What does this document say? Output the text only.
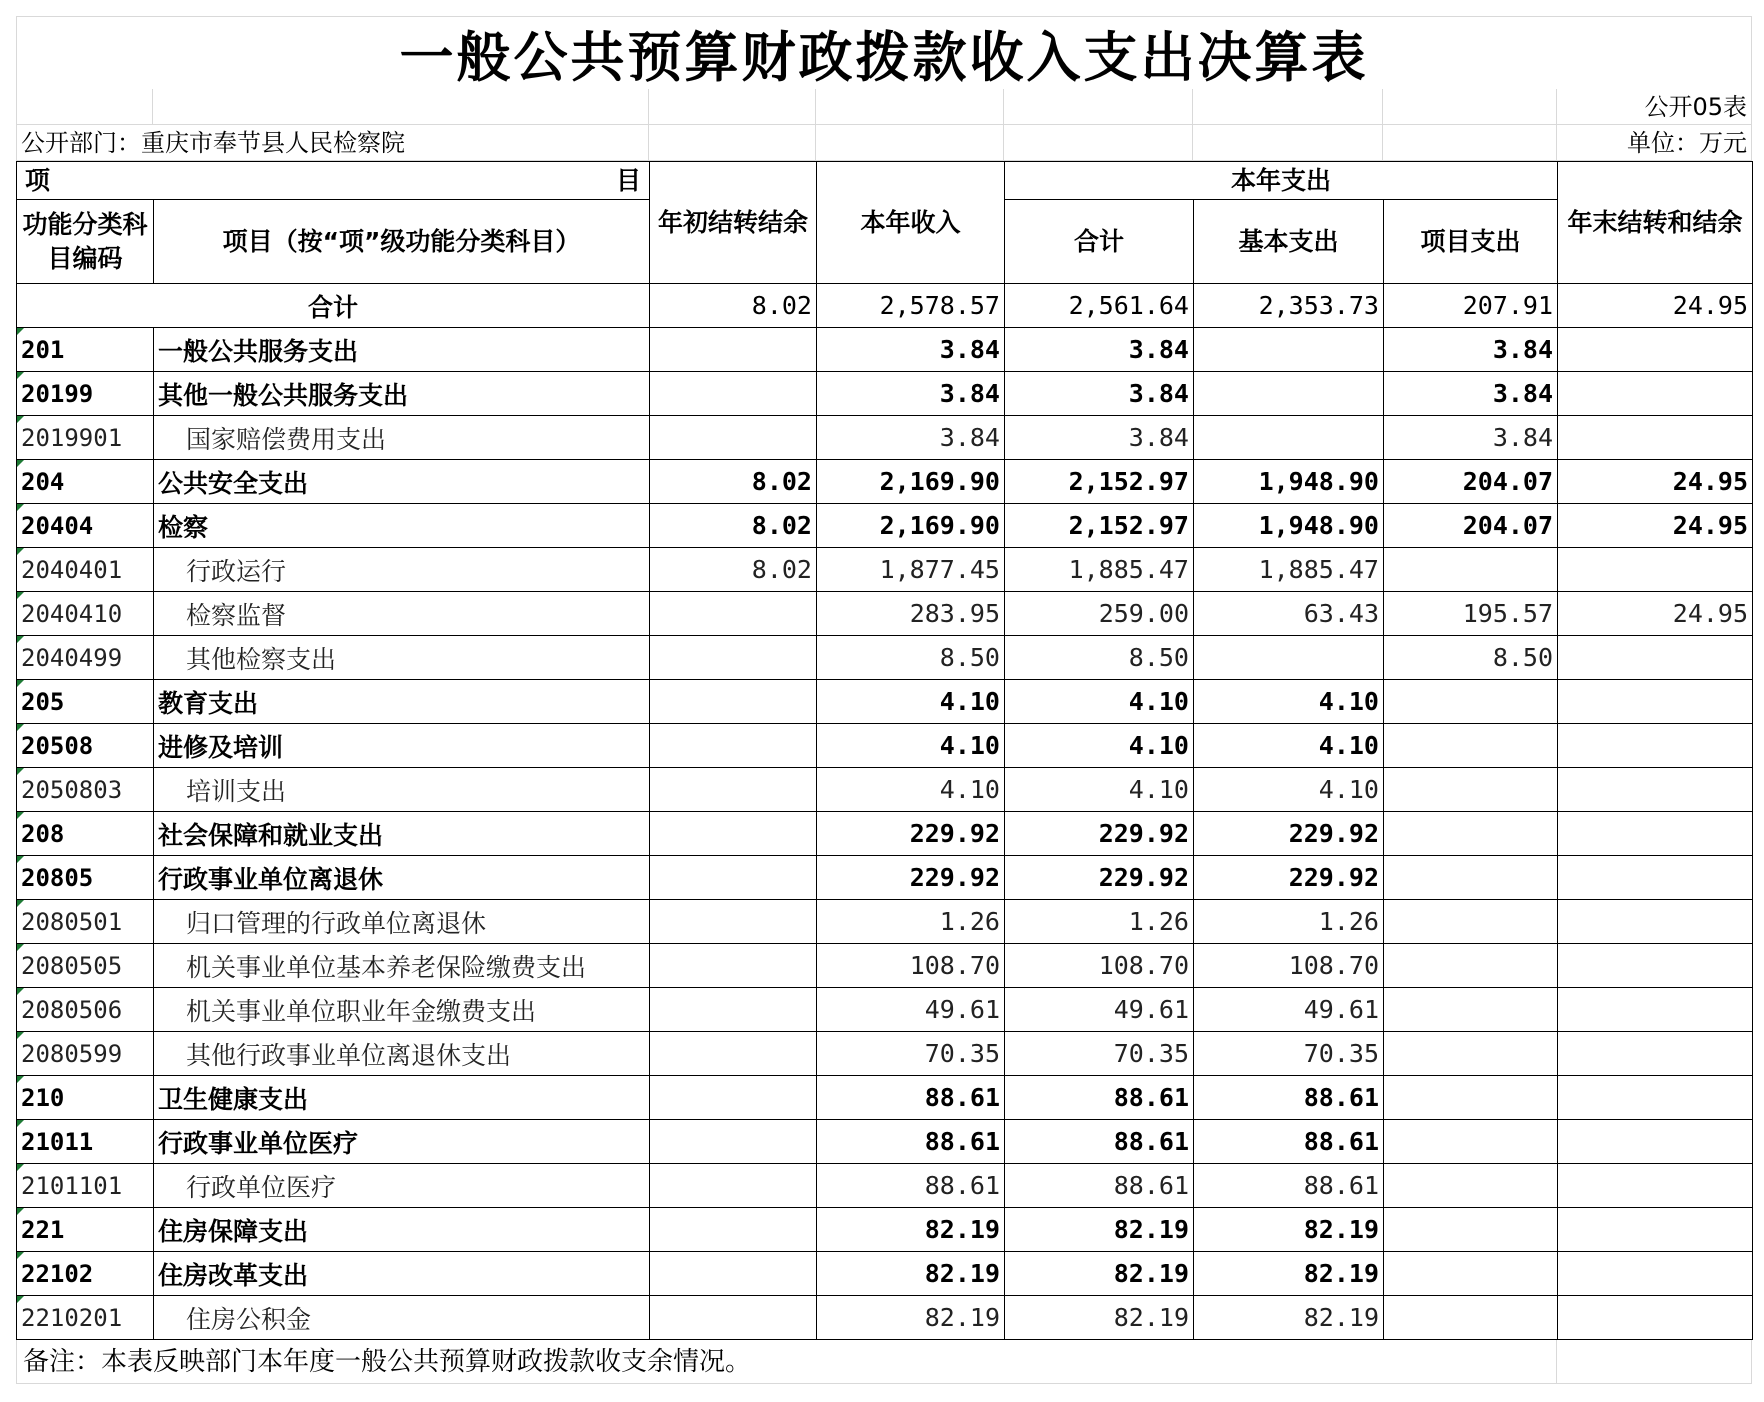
一般公共预算财政拨款收入支出决算表
公开05表
公开部门：重庆市奉节县人民检察院	单位：万元
项 目		年初结转结余	本年收入	本年支出			年末结转和结余
功能分类科目编码	项目（按“项”级功能分类科目）			合计	基本支出	项目支出	
合计		8.02	2,578.57	2,561.64	2,353.73	207.91	24.95

201	一般公共服务支出		3.84	3.84		3.84	

20199	其他一般公共服务支出		3.84	3.84		3.84	

2019901	国家赔偿费用支出		3.84	3.84		3.84	

204	公共安全支出	8.02	2,169.90	2,152.97	1,948.90	204.07	24.95

20404	检察	8.02	2,169.90	2,152.97	1,948.90	204.07	24.95

2040401	行政运行	8.02	1,877.45	1,885.47	1,885.47		

2040410	检察监督		283.95	259.00	63.43	195.57	24.95

2040499	其他检察支出		8.50	8.50		8.50	

205	教育支出		4.10	4.10	4.10		

20508	进修及培训		4.10	4.10	4.10		

2050803	培训支出		4.10	4.10	4.10		

208	社会保障和就业支出		229.92	229.92	229.92		

20805	行政事业单位离退休		229.92	229.92	229.92		

2080501	归口管理的行政单位离退休		1.26	1.26	1.26		

2080505	机关事业单位基本养老保险缴费支出		108.70	108.70	108.70		

2080506	机关事业单位职业年金缴费支出		49.61	49.61	49.61		

2080599	其他行政事业单位离退休支出		70.35	70.35	70.35		

210	卫生健康支出		88.61	88.61	88.61		

21011	行政事业单位医疗		88.61	88.61	88.61		

2101101	行政单位医疗		88.61	88.61	88.61		

221	住房保障支出		82.19	82.19	82.19		

22102	住房改革支出		82.19	82.19	82.19		

2210201	住房公积金		82.19	82.19	82.19		
备注：本表反映部门本年度一般公共预算财政拨款收支余情况。
